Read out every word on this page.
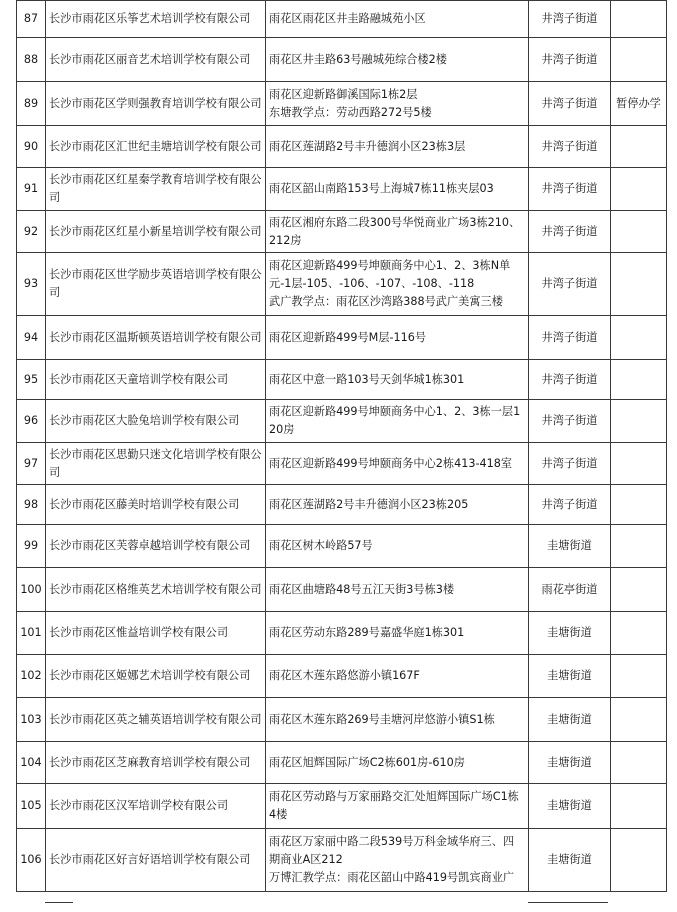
87	长沙市雨花区乐筝艺术培训学校有限公司	雨花区雨花区井圭路融城苑小区	井湾子街道	
88	长沙市雨花区丽音艺术培训学校有限公司	雨花区井圭路63号融城苑综合楼2楼	井湾子街道	
89	长沙市雨花区学则强教育培训学校有限公司	雨花区迎新路御溪国际1栋2层
东塘教学点：劳动西路272号5楼	井湾子街道	暂停办学
90	长沙市雨花区汇世纪圭塘培训学校有限公司	雨花区莲湖路2号丰升德润小区23栋3层	井湾子街道	
91	长沙市雨花区红星秦学教育培训学校有限公司	雨花区韶山南路153号上海城7栋11栋夹层03	井湾子街道	
92	长沙市雨花区红星小新星培训学校有限公司	雨花区湘府东路二段300号华悦商业广场3栋210、212房	井湾子街道	
93	长沙市雨花区世学励步英语培训学校有限公司	雨花区迎新路499号坤颐商务中心1、2、3栋N单元-1层-105、-106、-107、-108、-118
武广教学点：雨花区沙湾路388号武广美寓三楼	井湾子街道	
94	长沙市雨花区温斯顿英语培训学校有限公司	雨花区迎新路499号M层-116号	井湾子街道	
95	长沙市雨花区天童培训学校有限公司	雨花区中意一路103号天剑华城1栋301	井湾子街道	
96	长沙市雨花区大脸兔培训学校有限公司	雨花区迎新路499号坤颐商务中心1、2、3栋一层120房	井湾子街道	
97	长沙市雨花区思勤只迷文化培训学校有限公司	雨花区迎新路499号坤颐商务中心2栋413-418室	井湾子街道	
98	长沙市雨花区藤美时培训学校有限公司	雨花区莲湖路2号丰升德润小区23栋205	井湾子街道	
99	长沙市雨花区芙蓉卓越培训学校有限公司	雨花区树木岭路57号	圭塘街道	
100	长沙市雨花区格维英艺术培训学校有限公司	雨花区曲塘路48号五江天街3号栋3楼	雨花亭街道	
101	长沙市雨花区惟益培训学校有限公司	雨花区劳动东路289号嘉盛华庭1栋301	圭塘街道	
102	长沙市雨花区姬娜艺术培训学校有限公司	雨花区木莲东路悠游小镇167F	圭塘街道	
103	长沙市雨花区英之辅英语培训学校有限公司	雨花区木莲东路269号圭塘河岸悠游小镇S1栋	圭塘街道	
104	长沙市雨花区芝麻教育培训学校有限公司	雨花区旭辉国际广场C2栋601房-610房	圭塘街道	
105	长沙市雨花区汉军培训学校有限公司	雨花区劳动路与万家丽路交汇处旭辉国际广场C1栋4楼	圭塘街道	
106	长沙市雨花区好言好语培训学校有限公司	雨花区万家丽中路二段539号万科金域华府三、四期商业A区212
万博汇教学点：雨花区韶山中路419号凯宾商业广	圭塘街道	
